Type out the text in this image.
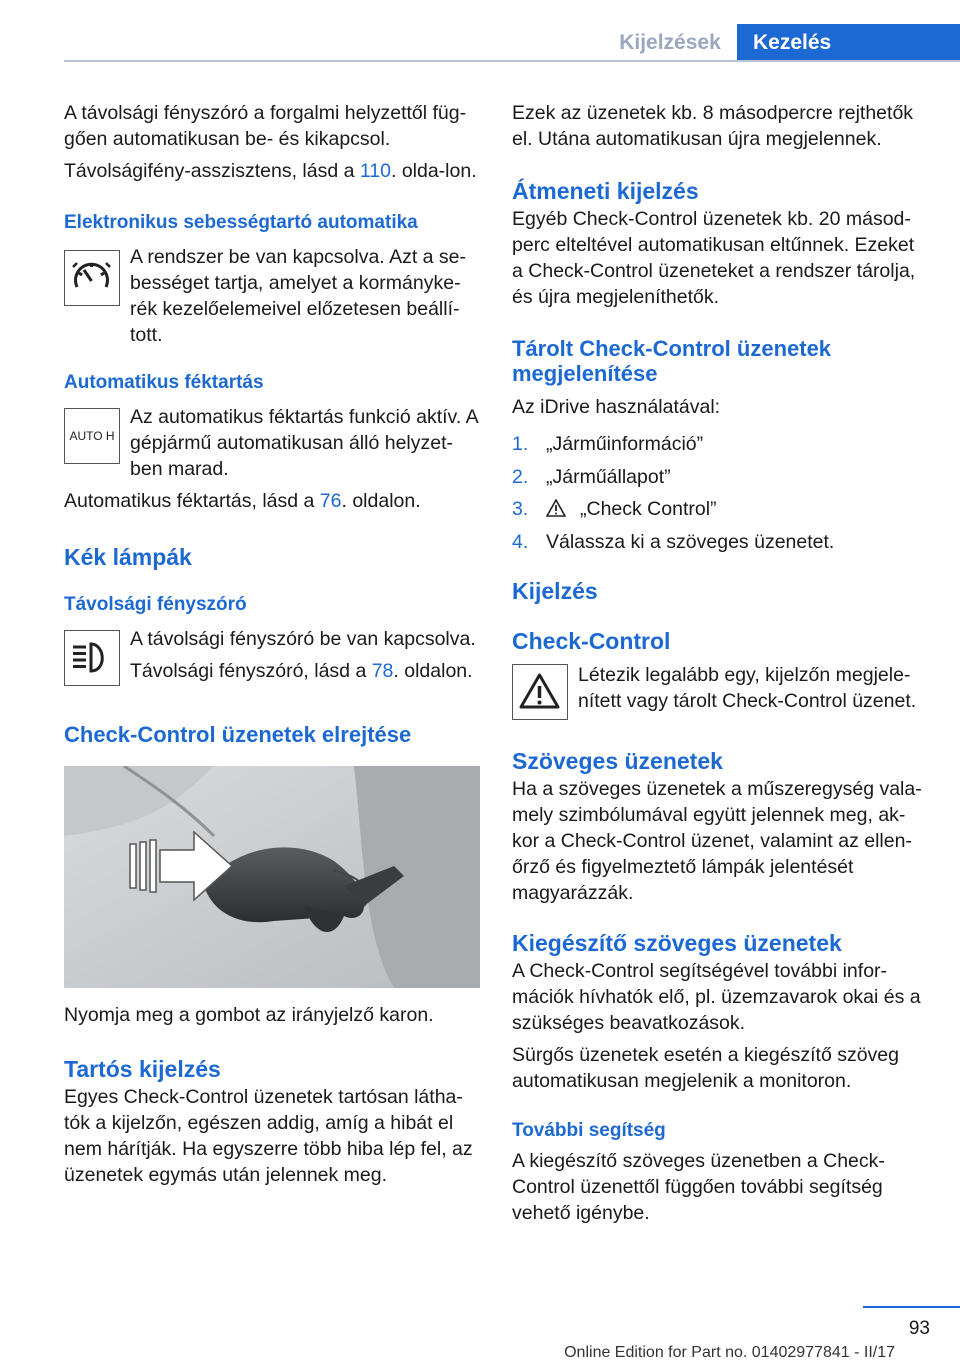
Kijelzések	Kezelés

A távolsági fényszóró a forgalmi helyzettől füg-gően automatikusan be- és kikapcsol.

Távolságifény-asszisztens, lásd a 110. olda-lon.

Elektronikus sebességtartó automatika

A rendszer be van kapcsolva. Azt a se-bességet tartja, amelyet a kormányke-rék kezelőelemeivel előzetesen beállí-tott.

Automatikus féktartás
AUTO H

Az automatikus féktartás funkció aktív. A gépjármű automatikusan álló helyzet-ben marad.

Automatikus féktartás, lásd a 76. oldalon.

Kék lámpák
Távolsági fényszóró

A távolsági fényszóró be van kapcsolva.

Távolsági fényszóró, lásd a 78. oldalon.

Check-Control üzenetek elrejtése

Nyomja meg a gombot az irányjelző karon.

Tartós kijelzés

Egyes Check-Control üzenetek tartósan látha-tók a kijelzőn, egészen addig, amíg a hibát el nem hárítják. Ha egyszerre több hiba lép fel, az üzenetek egymás után jelennek meg.

Ezek az üzenetek kb. 8 másodpercre rejthetők el. Utána automatikusan újra megjelennek.

Átmeneti kijelzés

Egyéb Check-Control üzenetek kb. 20 másod-perc elteltével automatikusan eltűnnek. Ezeket a Check-Control üzeneteket a rendszer tárolja, és újra megjeleníthetők.

Tárolt Check-Control üzenetek megjelenítése

Az iDrive használatával:

1. „Járműinformáció”
2. „Járműállapot”
3.	„Check Control”
4. Válassza ki a szöveges üzenetet.
Kijelzés
Check-Control

Létezik legalább egy, kijelzőn megjele-nített vagy tárolt Check-Control üzenet.

Szöveges üzenetek

Ha a szöveges üzenetek a műszeregység vala-mely szimbólumával együtt jelennek meg, ak-kor a Check-Control üzenet, valamint az ellen-őrző és figyelmeztető lámpák jelentését magyarázzák.

Kiegészítő szöveges üzenetek

A Check-Control segítségével további infor-mációk hívhatók elő, pl. üzemzavarok okai és a szükséges beavatkozások.

Sürgős üzenetek esetén a kiegészítő szöveg automatikusan megjelenik a monitoron.

További segítség

A kiegészítő szöveges üzenetben a Check-Control üzenettől függően további segítség vehető igénybe.

93
Online Edition for Part no. 01402977841 - II/17
